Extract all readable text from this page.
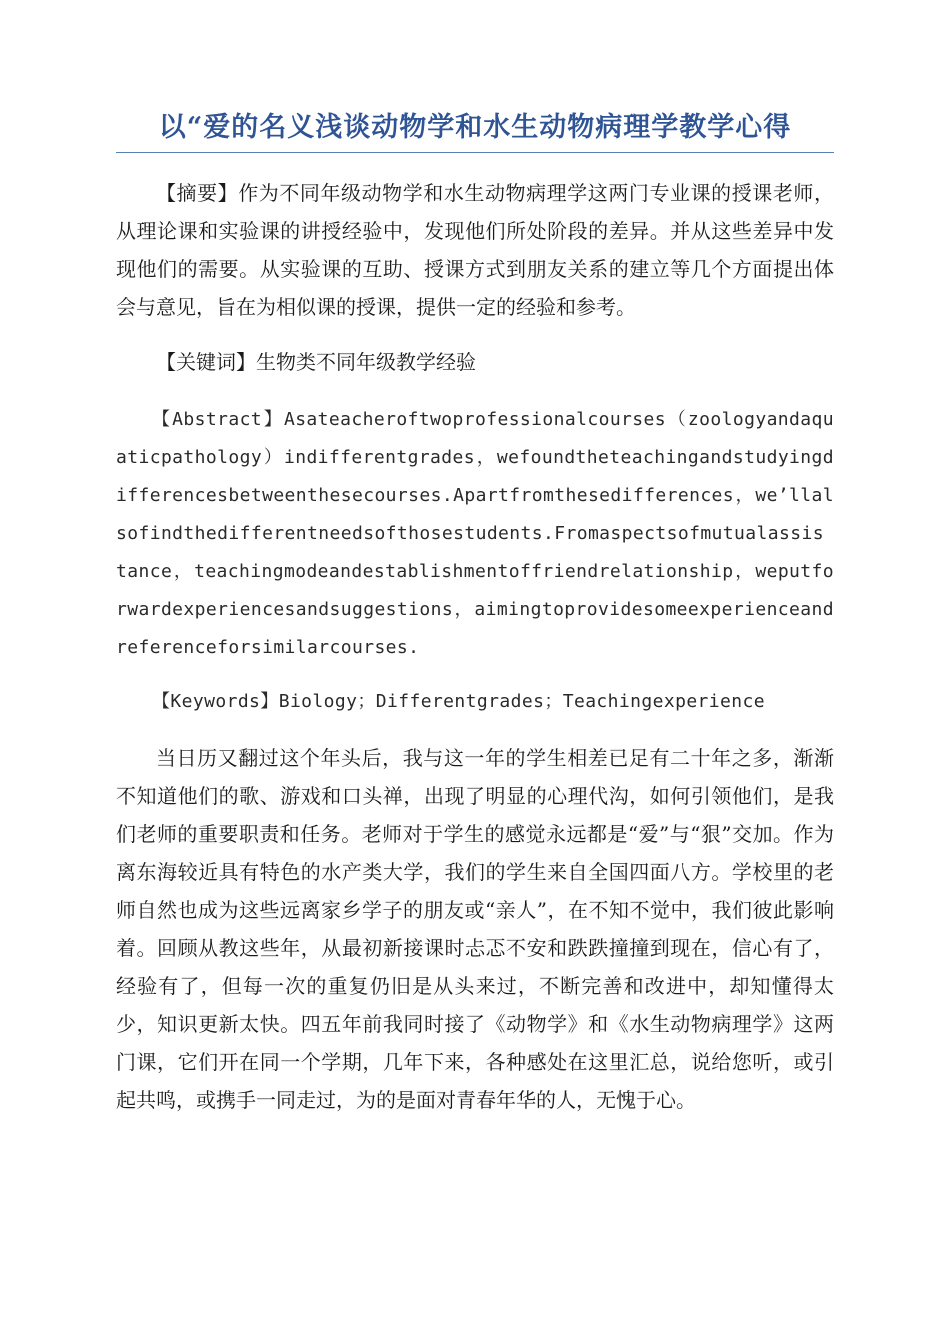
以“爱的名义浅谈动物学和水生动物病理学教学心得

【摘要】作为不同年级动物学和水生动物病理学这两门专业课的授课老师，从理论课和实验课的讲授经验中，发现他们所处阶段的差异。并从这些差异中发现他们的需要。从实验课的互助、授课方式到朋友关系的建立等几个方面提出体会与意见，旨在为相似课的授课，提供一定的经验和参考。

【关键词】生物类不同年级教学经验

【Abstract】Asateacheroftwoprofessionalcourses（zoologyandaquaticpathology）indifferentgrades，wefoundtheteachingandstudyingdifferencesbetweenthesecourses.Apartfromthesedifferences，we’llalsofindthedifferentneedsofthosestudents.Fromaspectsofmutualassistance，teachingmodeandestablishmentoffriendrelationship，weputforwardexperiencesandsuggestions，aimingtoprovidesomeexperienceandreferenceforsimilarcourses.

【Keywords】Biology；Differentgrades；Teachingexperience

当日历又翻过这个年头后，我与这一年的学生相差已足有二十年之多，渐渐不知道他们的歌、游戏和口头禅，出现了明显的心理代沟，如何引领他们，是我们老师的重要职责和任务。老师对于学生的感觉永远都是“爱”与“狠”交加。作为离东海较近具有特色的水产类大学，我们的学生来自全国四面八方。学校里的老师自然也成为这些远离家乡学子的朋友或“亲人”，在不知不觉中，我们彼此影响着。回顾从教这些年，从最初新接课时忐忑不安和跌跌撞撞到现在，信心有了，经验有了，但每一次的重复仍旧是从头来过，不断完善和改进中，却知懂得太少，知识更新太快。四五年前我同时接了《动物学》和《水生动物病理学》这两门课，它们开在同一个学期，几年下来，各种感处在这里汇总，说给您听，或引起共鸣，或携手一同走过，为的是面对青春年华的人，无愧于心。
